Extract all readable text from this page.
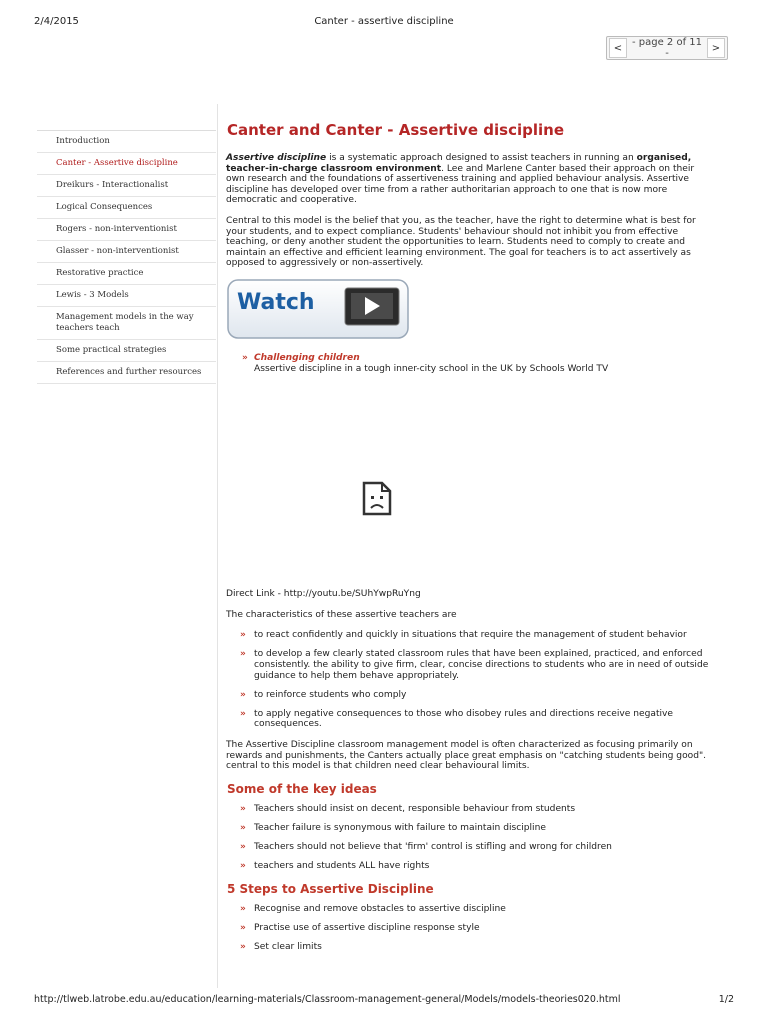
2/4/2015	Canter - assertive discipline
< - page 2 of 11 -	>
Introduction
Canter - Assertive discipline
Dreikurs - Interactionalist
Logical Consequences
Rogers - non-interventionist
Glasser - non-interventionist
Restorative practice
Lewis - 3 Models
Management models in the way teachers teach
Some practical strategies
References and further resources
Canter and Canter - Assertive discipline

Assertive discipline is a systematic approach designed to assist teachers in running an organised, teacher-in-charge classroom environment. Lee and Marlene Canter based their approach on their own research and the foundations of assertiveness training and applied behaviour analysis. Assertive discipline has developed over time from a rather authoritarian approach to one that is now more democratic and cooperative.

Central to this model is the belief that you, as the teacher, have the right to determine what is best for your students, and to expect compliance. Students' behaviour should not inhibit you from effective teaching, or deny another student the opportunities to learn. Students need to comply to create and maintain an effective and efficient learning environment. The goal for teachers is to act assertively as opposed to aggressively or non-assertively.

Watch
» Challenging children
Assertive discipline in a tough inner-city school in the UK by Schools World TV

Direct Link - http://youtu.be/SUhYwpRuYng

The characteristics of these assertive teachers are

» to react confidently and quickly in situations that require the management of student behavior
» to develop a few clearly stated classroom rules that have been explained, practiced, and enforced consistently. the ability to give firm, clear, concise directions to students who are in need of outside guidance to help them behave appropriately.
» to reinforce students who comply
» to apply negative consequences to those who disobey rules and directions receive negative consequences.

The Assertive Discipline classroom management model is often characterized as focusing primarily on rewards and punishments, the Canters actually place great emphasis on "catching students being good". central to this model is that children need clear behavioural limits.

Some of the key ideas
» Teachers should insist on decent, responsible behaviour from students
» Teacher failure is synonymous with failure to maintain discipline
» Teachers should not believe that 'firm' control is stifling and wrong for children
» teachers and students ALL have rights
5 Steps to Assertive Discipline
» Recognise and remove obstacles to assertive discipline
» Practise use of assertive discipline response style
» Set clear limits
http://tlweb.latrobe.edu.au/education/learning-materials/Classroom-management-general/Models/models-theories020.html	1/2
